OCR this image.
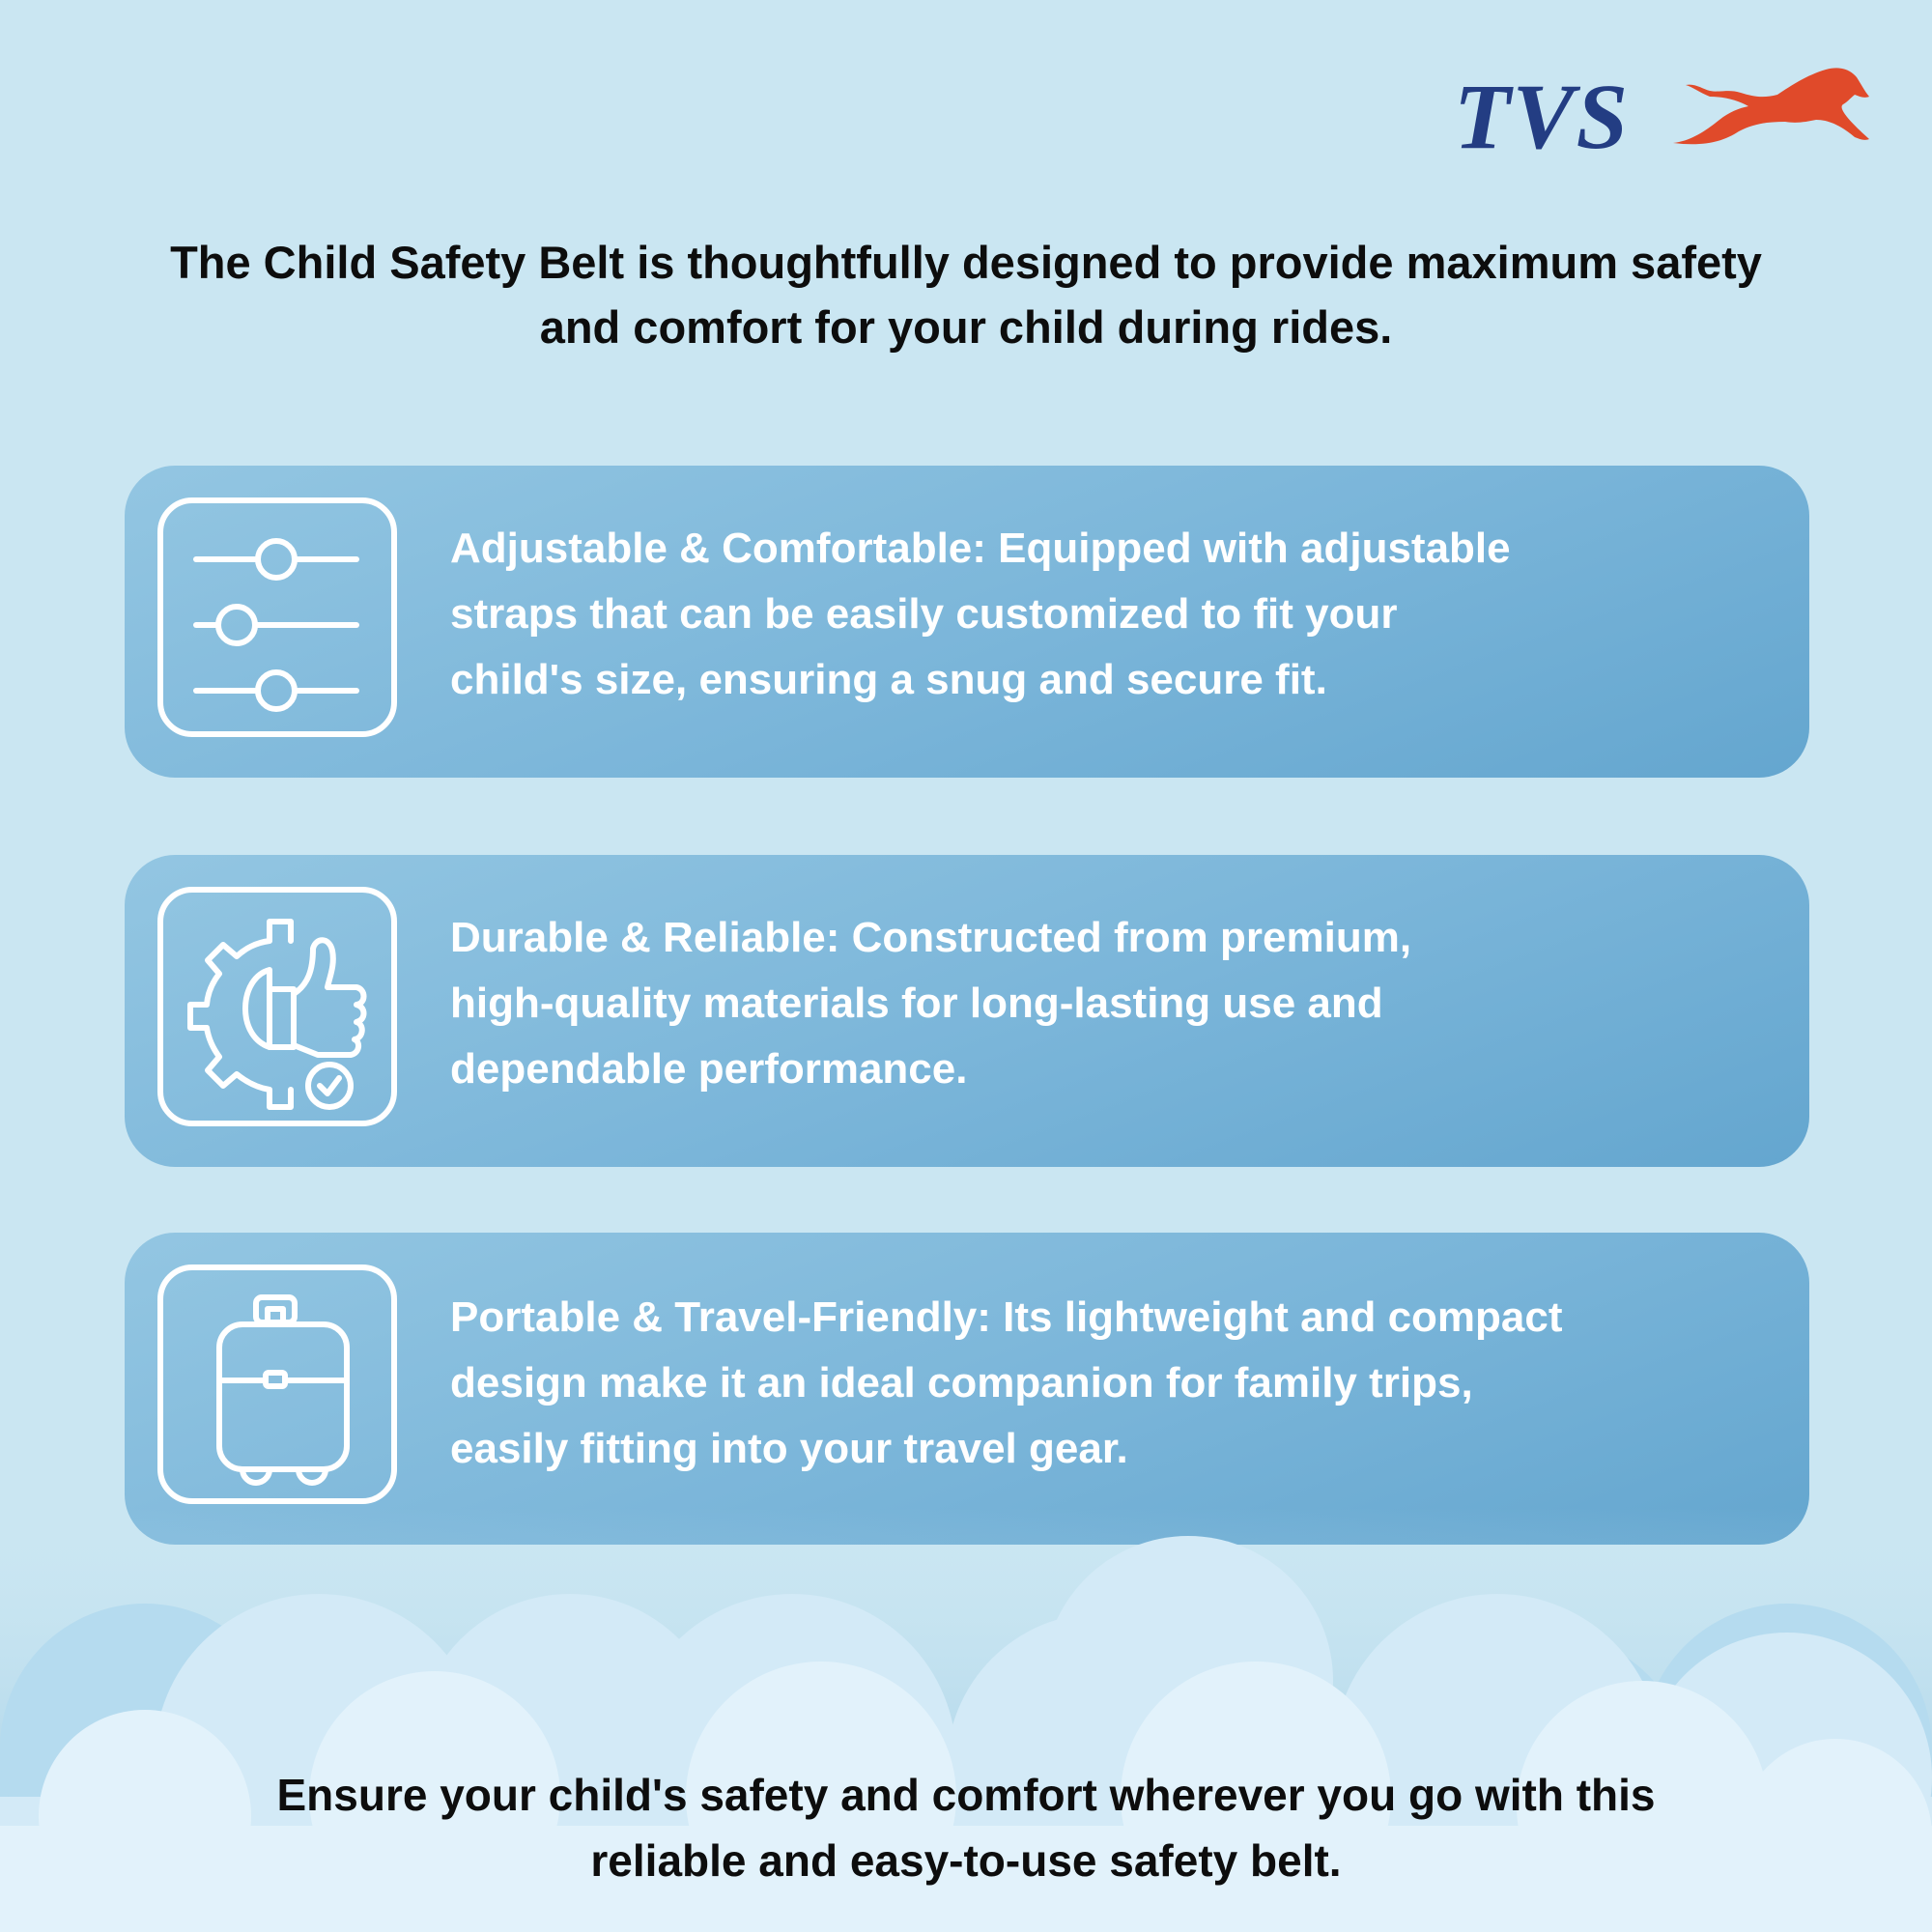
TVS
The Child Safety Belt is thoughtfully designed to provide maximum safety
and comfort for your child during rides.
Adjustable & Comfortable: Equipped with adjustable
straps that can be easily customized to fit your
child's size, ensuring a snug and secure fit.
Durable & Reliable: Constructed from premium,
high-quality materials for long-lasting use and
dependable performance.
Portable & Travel-Friendly: Its lightweight and compact
design make it an ideal companion for family trips,
easily fitting into your travel gear.
Ensure your child's safety and comfort wherever you go with this
reliable and easy-to-use safety belt.
